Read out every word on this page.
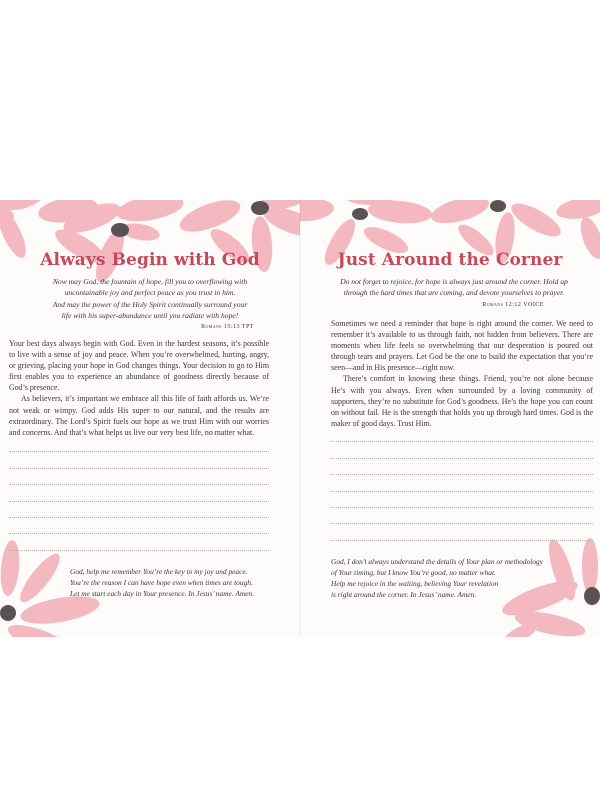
Always Begin with God
Now may God, the fountain of hope, fill you to overflowing with
uncontainable joy and perfect peace as you trust in him.
And may the power of the Holy Spirit continually surround your
life with his super-abundance until you radiate with hope!
Romans 15:13 TPT

Your best days always begin with God. Even in the hardest seasons, it’s possible to live with a sense of joy and peace. When you’re overwhelmed, hurting, angry, or grieving, placing your hope in God changes things. Your decision to go to Him first enables you to experience an abundance of goodness directly because of God’s presence.

As believers, it’s important we embrace all this life of faith affords us. We’re not weak or wimpy. God adds His super to our natural, and the results are extraordinary. The Lord’s Spirit fuels our hope as we trust Him with our worries and concerns. And that’s what helps us live our very best life, no matter what.

God, help me remember You’re the key to my joy and peace.
You’re the reason I can have hope even when times are tough.
Let me start each day in Your presence. In Jesus’ name. Amen.
Just Around the Corner
Do not forget to rejoice, for hope is always just around the corner. Hold up
through the hard times that are coming, and devote yourselves to prayer.
Romans 12:12 VOICE

Sometimes we need a reminder that hope is right around the corner. We need to remember it’s available to us through faith, not hidden from believers. There are moments when life feels so overwhelming that our desperation is poured out through tears and prayers. Let God be the one to build the expectation that you’re seen—and in His presence—right now.

There’s comfort in knowing these things. Friend, you’re not alone because He’s with you always. Even when surrounded by a loving community of supporters, they’re no substitute for God’s goodness. He’s the hope you can count on without fail. He is the strength that holds you up through hard times. God is the maker of good days. Trust Him.

God, I don’t always understand the details of Your plan or methodology
of Your timing, but I know You’re good, no matter what.
Help me rejoice in the waiting, believing Your revelation
is right around the corner. In Jesus’ name. Amen.
